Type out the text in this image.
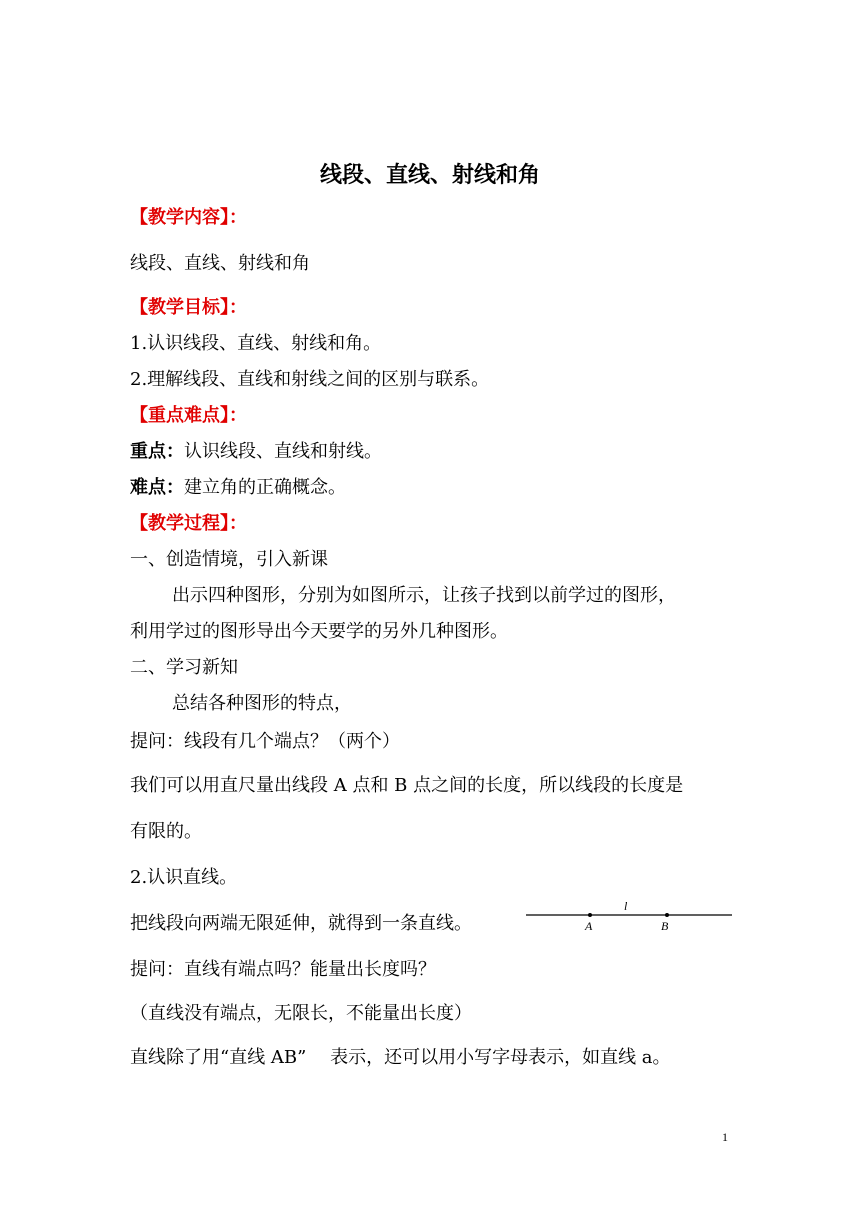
线段、直线、射线和角
【教学内容】：
线段、直线、射线和角
【教学目标】：
1.认识线段、直线、射线和角。
2.理解线段、直线和射线之间的区别与联系。
【重点难点】：
重点：认识线段、直线和射线。
难点：建立角的正确概念。
【教学过程】：
一、创造情境，引入新课
出示四种图形，分别为如图所示，让孩子找到以前学过的图形，
利用学过的图形导出今天要学的另外几种图形。
二、学习新知
总结各种图形的特点，
提问：线段有几个端点？（两个）
我们可以用直尺量出线段 A 点和 B 点之间的长度，所以线段的长度是
有限的。
2.认识直线。
把线段向两端无限延伸，就得到一条直线。
l
A	B
提问：直线有端点吗？能量出长度吗？
（直线没有端点，无限长，不能量出长度）
直线除了用“直线 AB”　 表示，还可以用小写字母表示，如直线 a。
1
